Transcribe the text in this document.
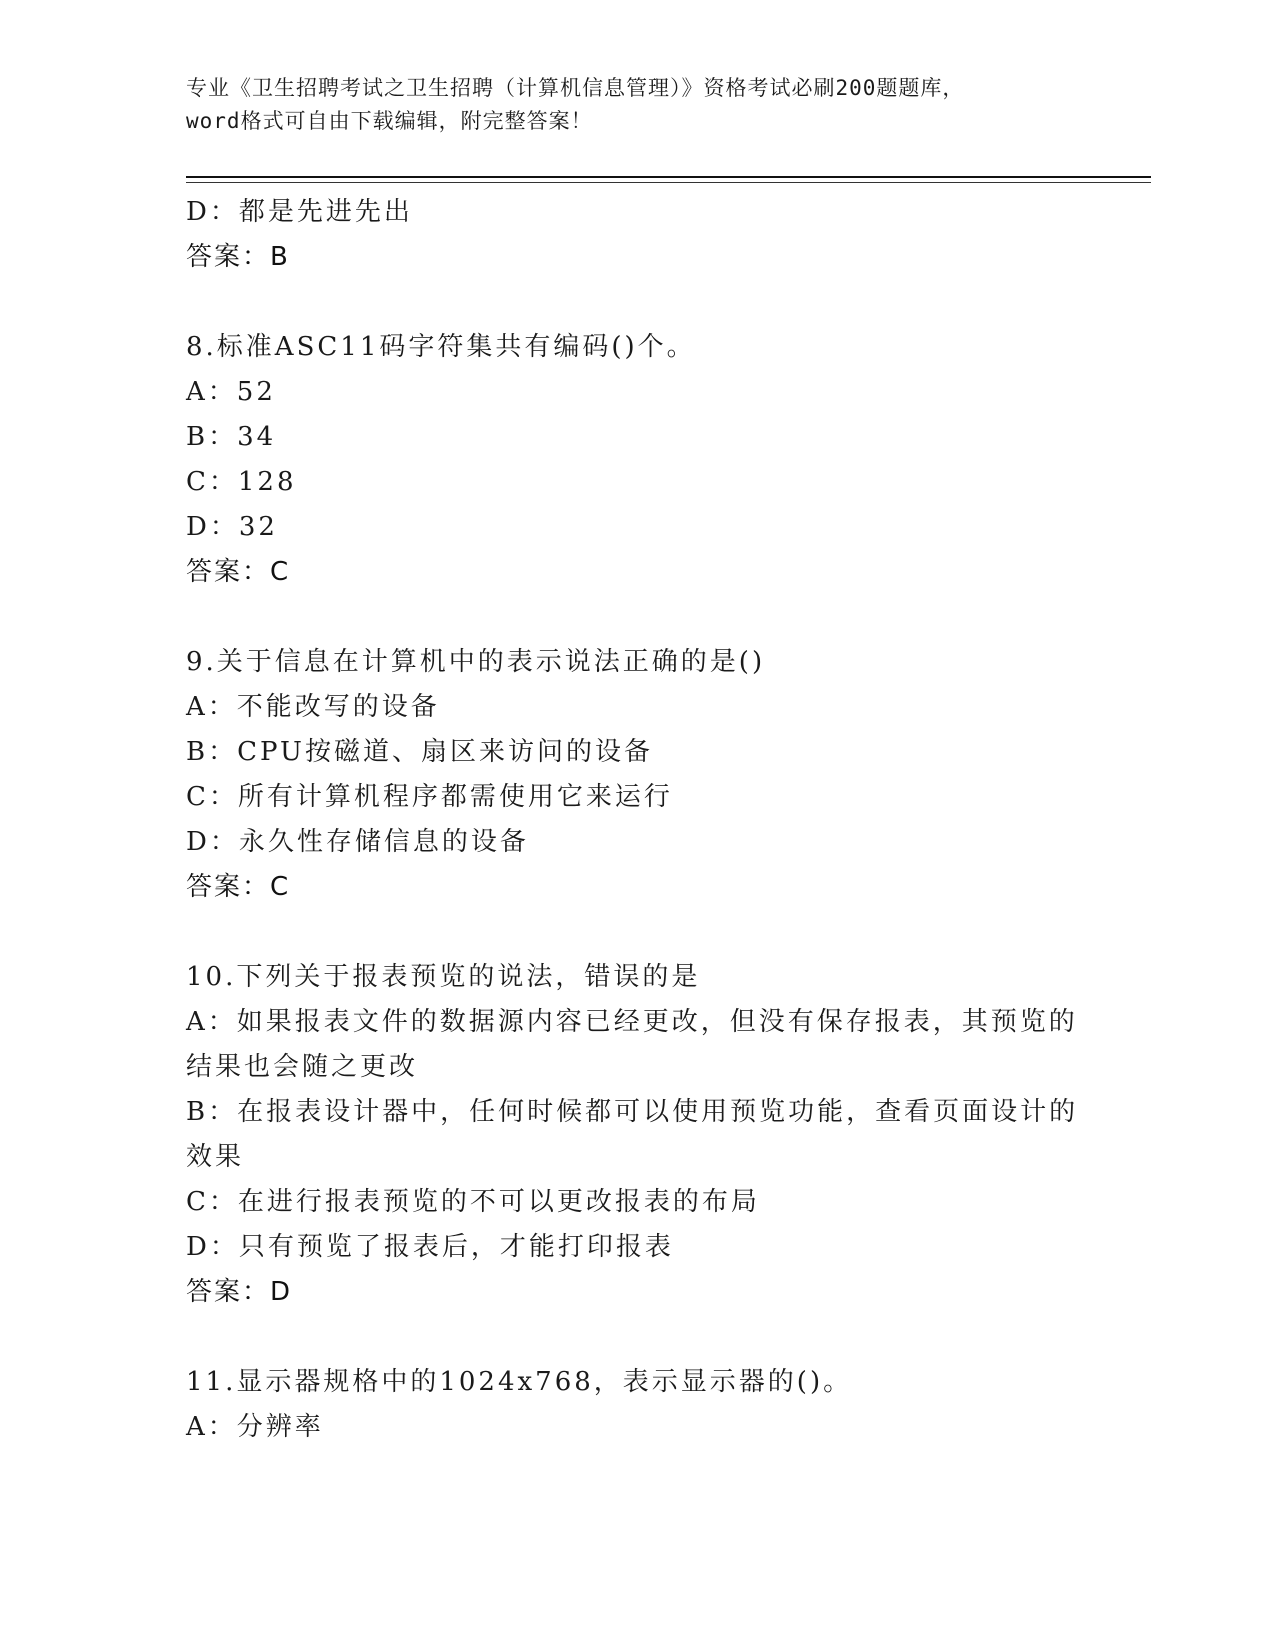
专业《卫生招聘考试之卫生招聘（计算机信息管理）》资格考试必刷200题题库，
word格式可自由下载编辑，附完整答案！
D：都是先进先出
答案：B
8.标准ASC11码字符集共有编码()个。
A：52
B：34
C：128
D：32
答案：C
9.关于信息在计算机中的表示说法正确的是()
A：不能改写的设备
B：CPU按磁道、扇区来访问的设备
C：所有计算机程序都需使用它来运行
D：永久性存储信息的设备
答案：C
10.下列关于报表预览的说法，错误的是
A：如果报表文件的数据源内容已经更改，但没有保存报表，其预览的
结果也会随之更改
B：在报表设计器中，任何时候都可以使用预览功能，查看页面设计的
效果
C：在进行报表预览的不可以更改报表的布局
D：只有预览了报表后，才能打印报表
答案：D
11.显示器规格中的1024x768，表示显示器的()。
A：分辨率
